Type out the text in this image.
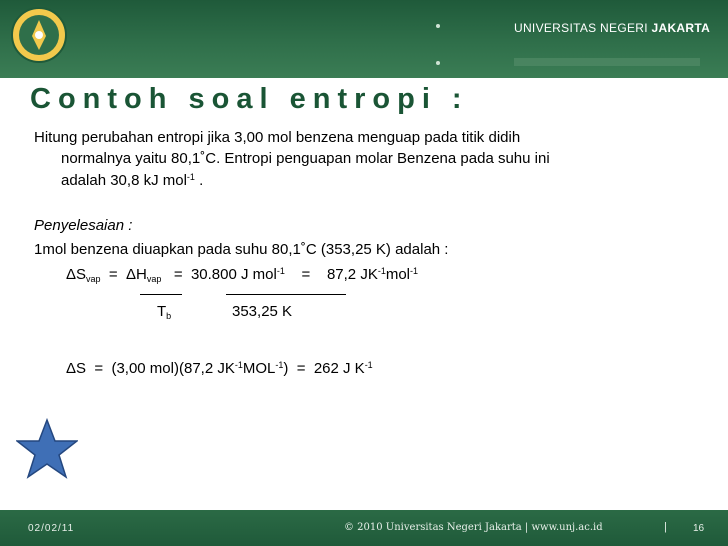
UNIVERSITAS NEGERI JAKARTA
Contoh soal entropi :
Hitung perubahan entropi jika 3,00 mol benzena menguap pada titik didih
normalnya yaitu 80,1˚C. Entropi penguapan molar Benzena pada suhu ini
adalah 30,8 kJ mol$^{-1}$ .
Penyelesaian :
1mol benzena diuapkan pada suhu 80,1˚C (353,25 K) adalah :
$\Delta S_{vap} = \Delta H_{vap} = 30.800$ J mol$^{-1}$    =    87,2 $JK^{-1}mol^{-1}$
$T_b$	353,25 K
ΔS  =  (3,00 mol)(87,2 $JK^{-1}MOL^{-1}) = 262$ J $K^{-1}$
02/02/11	© 2010 Universitas Negeri Jakarta | www.unj.ac.id	|	16
